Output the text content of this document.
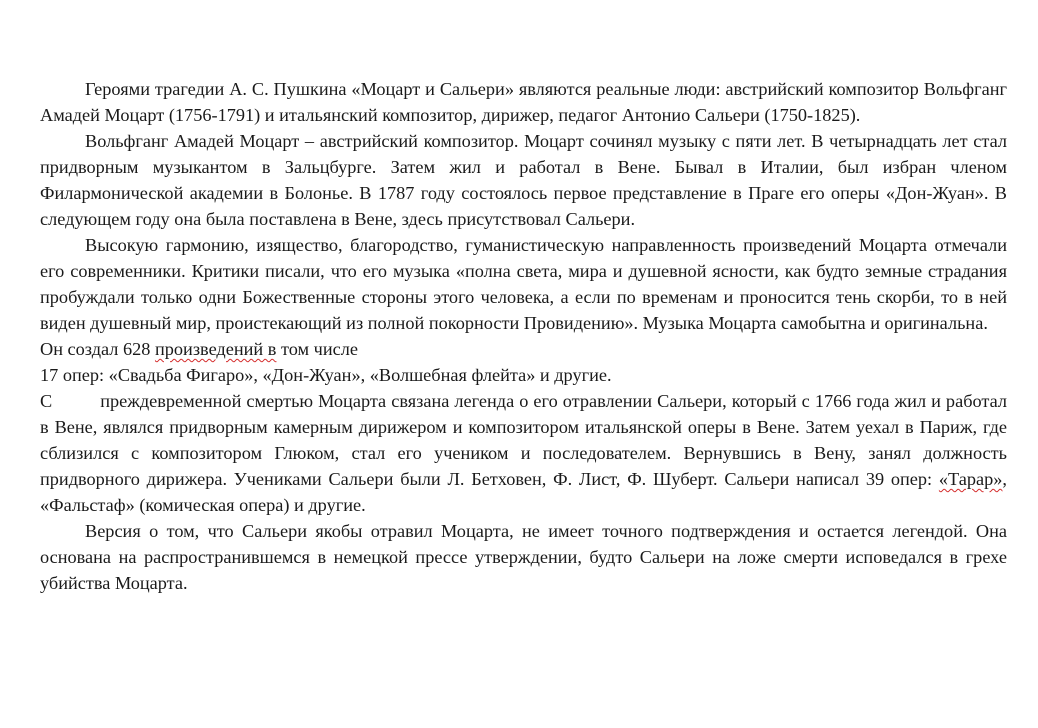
Героями трагедии А. С. Пушкина «Моцарт и Сальери» являются реальные люди: австрийский композитор Вольфганг Амадей Моцарт (1756-1791) и итальянский композитор, дирижер, педагог Антонио Сальери (1750-1825).

Вольфганг Амадей Моцарт – австрийский композитор. Моцарт сочинял музыку с пяти лет. В четырнадцать лет стал придворным музыкантом в Зальцбурге. Затем жил и работал в Вене. Бывал в Италии, был избран членом Филармонической академии в Болонье. В 1787 году состоялось первое представление в Праге его оперы «Дон-Жуан». В следующем году она была поставлена в Вене, здесь присутствовал Сальери.

Высокую гармонию, изящество, благородство, гуманистическую направленность произведений Моцарта отмечали его современники. Критики писали, что его музыка «полна света, мира и душевной ясности, как будто земные страдания пробуждали только одни Божественные стороны этого человека, а если по временам и проносится тень скорби, то в ней виден душевный мир, проистекающий из полной покорности Провидению». Музыка Моцарта самобытна и оригинальна.

Он создал 628 произведений в том числе
17 опер: «Свадьба Фигаро», «Дон-Жуан», «Волшебная флейта» и другие.

С	преждевременной смертью Моцарта связана легенда о его отравлении Сальери, который с 1766 года жил и работал в Вене, являлся придворным камерным дирижером и композитором итальянской оперы в Вене. Затем уехал в Париж, где сблизился с композитором Глюком, стал его учеником и последователем. Вернувшись в Вену, занял должность придворного дирижера. Учениками Сальери были Л. Бетховен, Ф. Лист, Ф. Шуберт. Сальери написал 39 опер: «Тарар», «Фальстаф» (комическая опера) и другие.

Версия о том, что Сальери якобы отравил Моцарта, не имеет точного подтверждения и остается легендой. Она основана на распространившемся в немецкой прессе утверждении, будто Сальери на ложе смерти исповедался в грехе убийства Моцарта.
